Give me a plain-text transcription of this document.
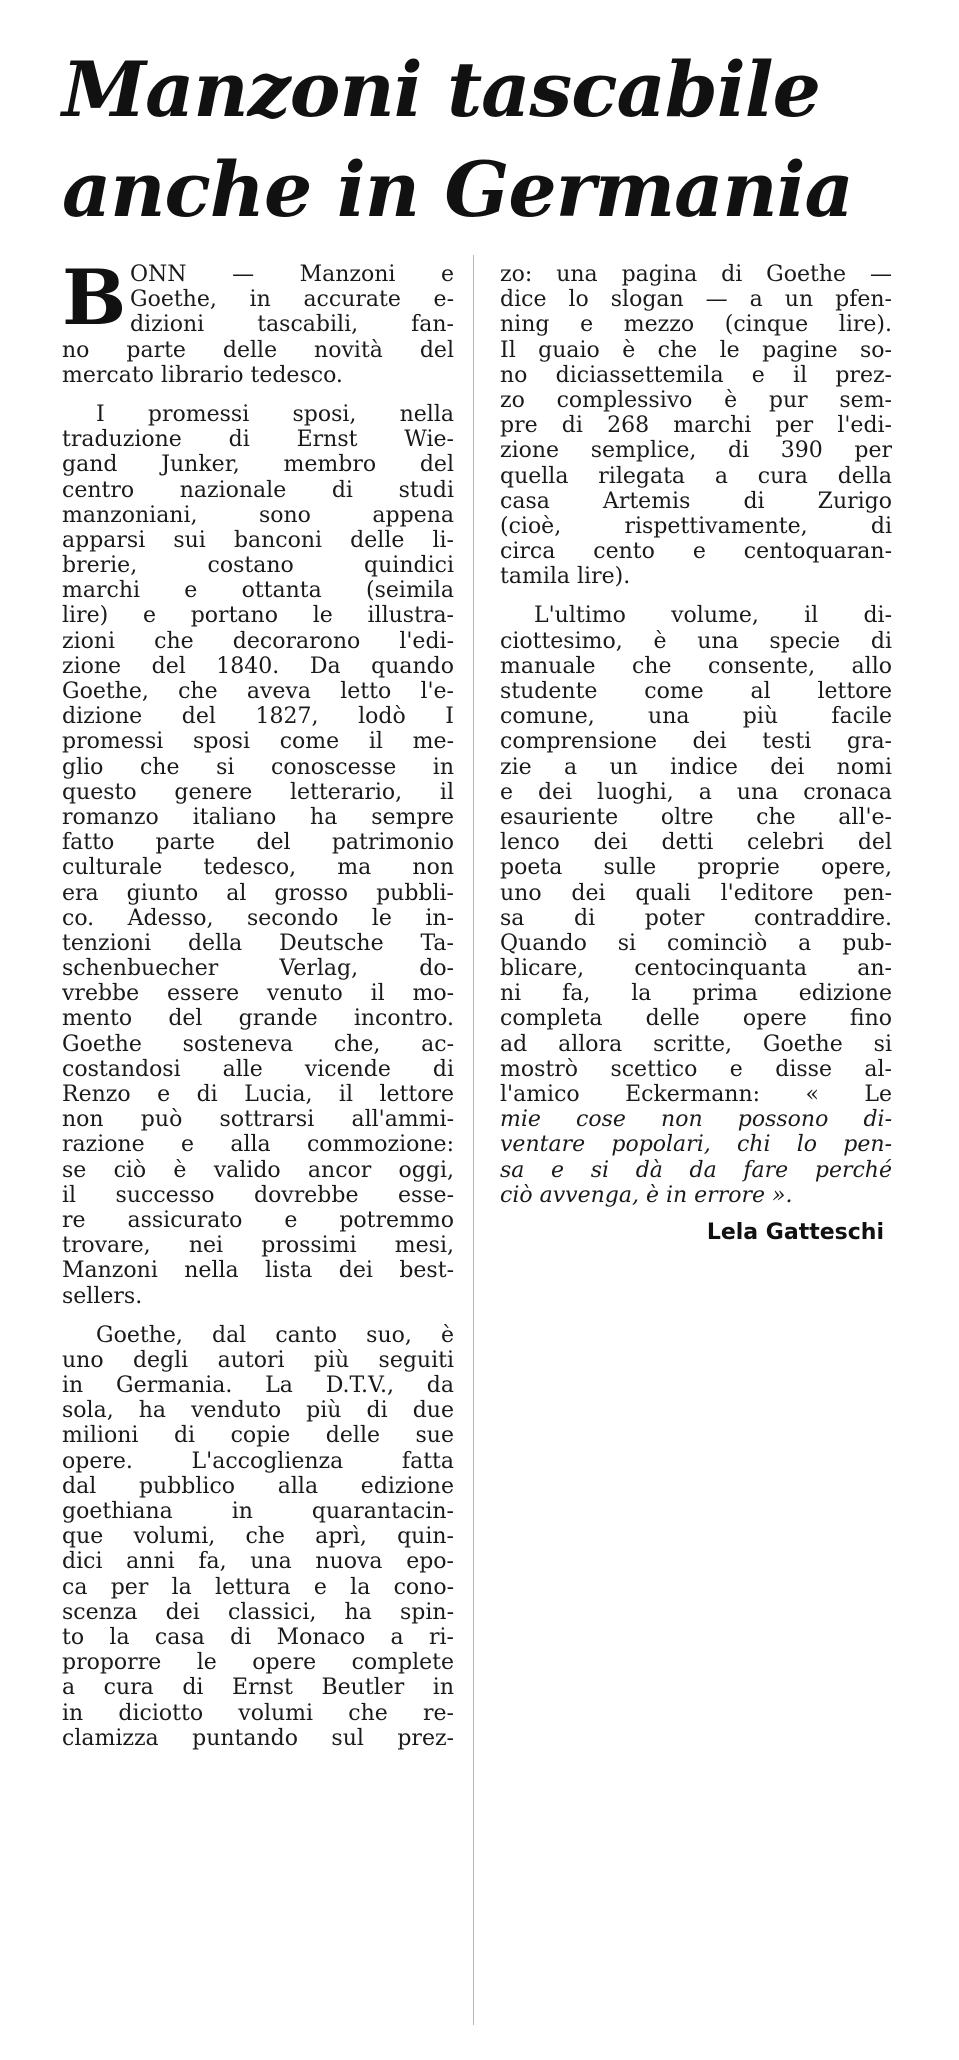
Manzoni tascabile
anche in Germania
B ONN — Manzoni e
Goethe, in accurate e-
dizioni tascabili, fan-
no parte delle novità del
mercato librario tedesco.
I promessi sposi, nella
traduzione di Ernst Wie-
gand Junker, membro del
centro nazionale di studi
manzoniani, sono appena
apparsi sui banconi delle li-
brerie, costano quindici
marchi e ottanta (seimila
lire) e portano le illustra-
zioni che decorarono l'edi-
zione del 1840. Da quando
Goethe, che aveva letto l'e-
dizione del 1827, lodò I
promessi sposi come il me-
glio che si conoscesse in
questo genere letterario, il
romanzo italiano ha sempre
fatto parte del patrimonio
culturale tedesco, ma non
era giunto al grosso pubbli-
co. Adesso, secondo le in-
tenzioni della Deutsche Ta-
schenbuecher Verlag, do-
vrebbe essere venuto il mo-
mento del grande incontro.
Goethe sosteneva che, ac-
costandosi alle vicende di
Renzo e di Lucia, il lettore
non può sottrarsi all'ammi-
razione e alla commozione:
se ciò è valido ancor oggi,
il successo dovrebbe esse-
re assicurato e potremmo
trovare, nei prossimi mesi,
Manzoni nella lista dei best-
sellers.
Goethe, dal canto suo, è
uno degli autori più seguiti
in Germania. La D.T.V., da
sola, ha venduto più di due
milioni di copie delle sue
opere. L'accoglienza fatta
dal pubblico alla edizione
goethiana in quarantacin-
que volumi, che aprì, quin-
dici anni fa, una nuova epo-
ca per la lettura e la cono-
scenza dei classici, ha spin-
to la casa di Monaco a ri-
proporre le opere complete
a cura di Ernst Beutler in
in diciotto volumi che re-
clamizza puntando sul prez-
zo: una pagina di Goethe —
dice lo slogan — a un pfen-
ning e mezzo (cinque lire).
Il guaio è che le pagine so-
no diciassettemila e il prez-
zo complessivo è pur sem-
pre di 268 marchi per l'edi-
zione semplice, di 390 per
quella rilegata a cura della
casa Artemis di Zurigo
(cioè, rispettivamente, di
circa cento e centoquaran-
tamila lire).
L'ultimo volume, il di-
ciottesimo, è una specie di
manuale che consente, allo
studente come al lettore
comune, una più facile
comprensione dei testi gra-
zie a un indice dei nomi
e dei luoghi, a una cronaca
esauriente oltre che all'e-
lenco dei detti celebri del
poeta sulle proprie opere,
uno dei quali l'editore pen-
sa di poter contraddire.
Quando si cominciò a pub-
blicare, centocinquanta an-
ni fa, la prima edizione
completa delle opere fino
ad allora scritte, Goethe si
mostrò scettico e disse al-
l'amico Eckermann: « Le
mie cose non possono di-
ventare popolari, chi lo pen-
sa e si dà da fare perché
ciò avvenga, è in errore ».
Lela Gatteschi
